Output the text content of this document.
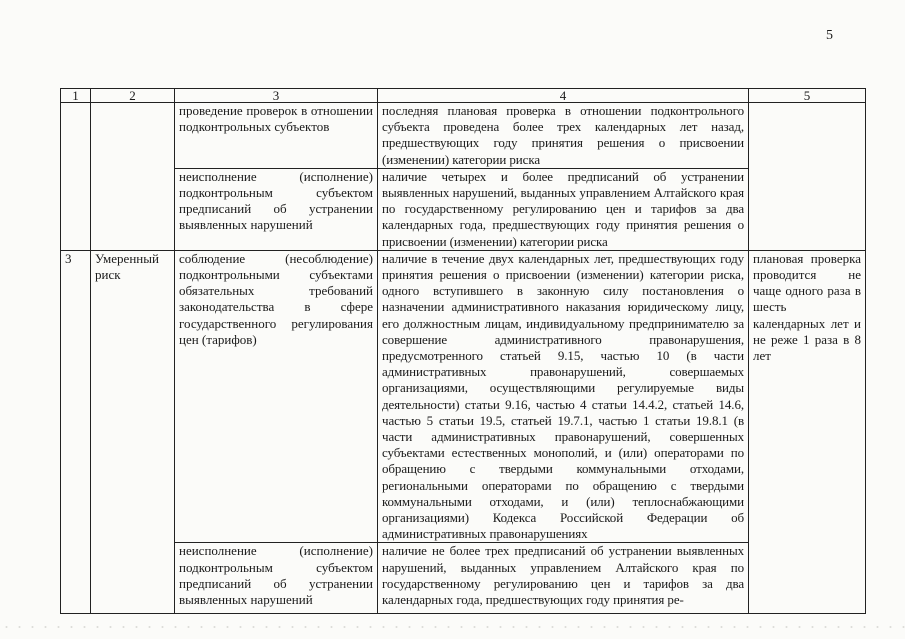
5
1	2	3	4	5
		проведение проверок в отношении подконтрольных субъектов	последняя плановая проверка в отношении подконтрольного субъекта проведена более трех календарных лет назад, предшествующих году принятия решения о присвоении (изменении) категории риска	
		неисполнение (исполнение) подконтрольным субъектом предписаний об устранении выявленных нарушений	наличие четырех и более предписаний об устранении выявленных нарушений, выданных управлением Алтайского края по государственному регулированию цен и тарифов за два календарных года, предшествующих году принятия решения о присвоении (изменении) категории риска	
3	Умеренный риск	соблюдение (несоблюдение) подконтрольными субъектами обязательных требований законодательства в сфере государственного регулирования цен (тарифов)	наличие в течение двух календарных лет, предшествующих году принятия решения о присвоении (изменении) категории риска, одного вступившего в законную силу постановления о назначении административного наказания юридическому лицу, его должностным лицам, индивидуальному предпринимателю за совершение административного правонарушения, предусмотренного статьей 9.15, частью 10 (в части административных правонарушений, совершаемых организациями, осуществляющими регулируемые виды деятельности) статьи 9.16, частью 4 статьи 14.4.2, статьей 14.6, частью 5 статьи 19.5, статьей 19.7.1, частью 1 статьи 19.8.1 (в части административных правонарушений, совершенных субъектами естественных монополий, и (или) операторами по обращению с твердыми коммунальными отходами, региональными операторами по обращению с твердыми коммунальными отходами, и (или) теплоснабжающими организациями) Кодекса Российской Федерации об административных правонарушениях	плановая проверка проводится не чаще одного раза в шесть календарных лет и не реже 1 раза в 8 лет
		неисполнение (исполнение) подконтрольным субъектом предписаний об устранении выявленных нарушений	наличие не более трех предписаний об устранении выявленных нарушений, выданных управлением Алтайского края по государственному регулированию цен и тарифов за два календарных года, предшествующих году принятия ре-	
